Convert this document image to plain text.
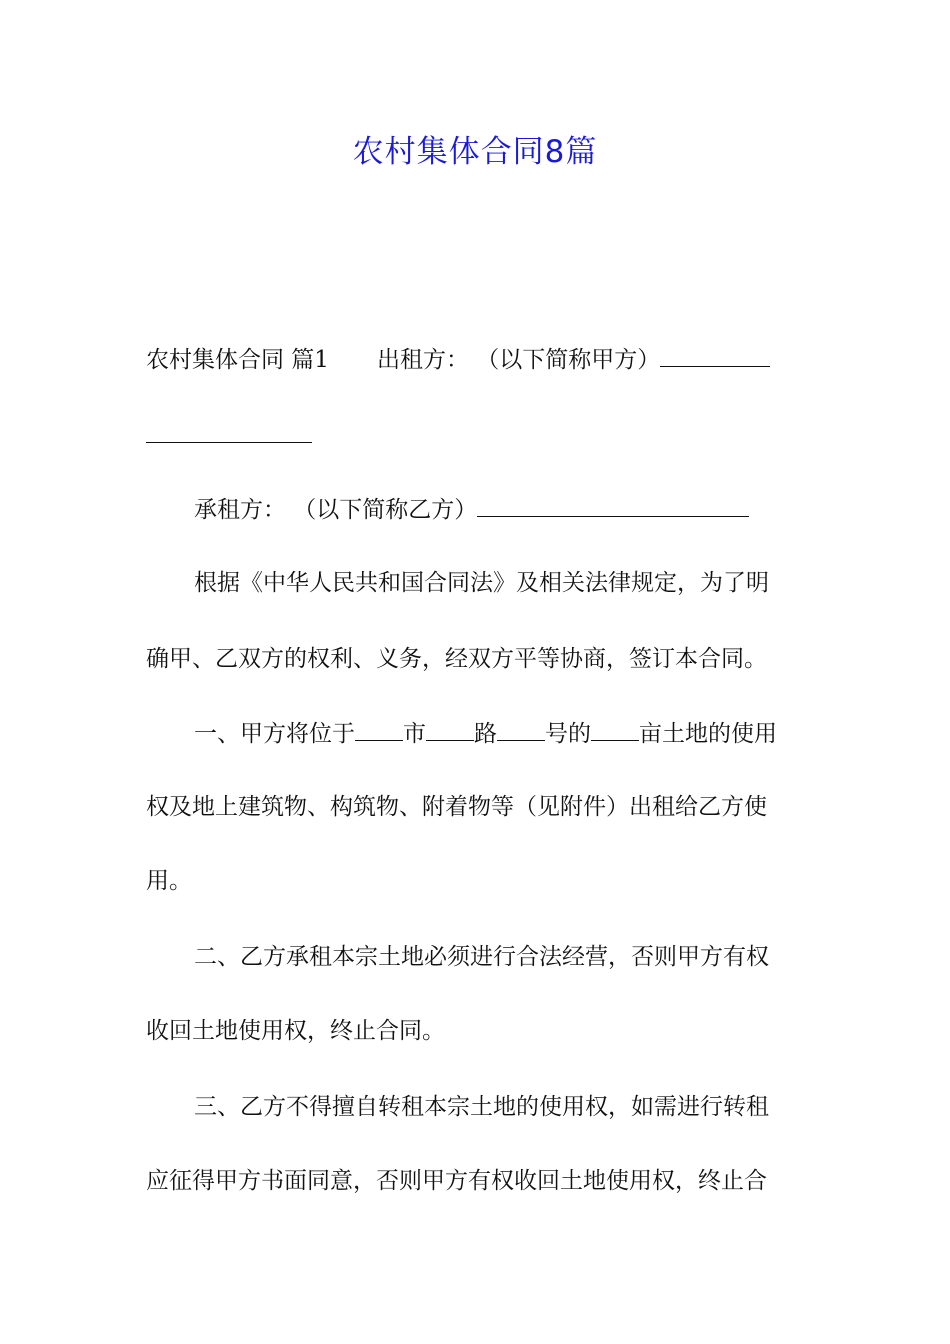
农村集体合同8篇
农村集体合同 篇1 出租方： （以下简称甲方）
承租方： （以下简称乙方）
根据《中华人民共和国合同法》及相关法律规定，为了明
确甲、乙双方的权利、义务，经双方平等协商，签订本合同。
一、甲方将位于 市 路 号的 亩土地的使用
权及地上建筑物、构筑物、附着物等（见附件）出租给乙方使
用。
二、乙方承租本宗土地必须进行合法经营，否则甲方有权
收回土地使用权，终止合同。
三、乙方不得擅自转租本宗土地的使用权，如需进行转租
应征得甲方书面同意，否则甲方有权收回土地使用权，终止合
